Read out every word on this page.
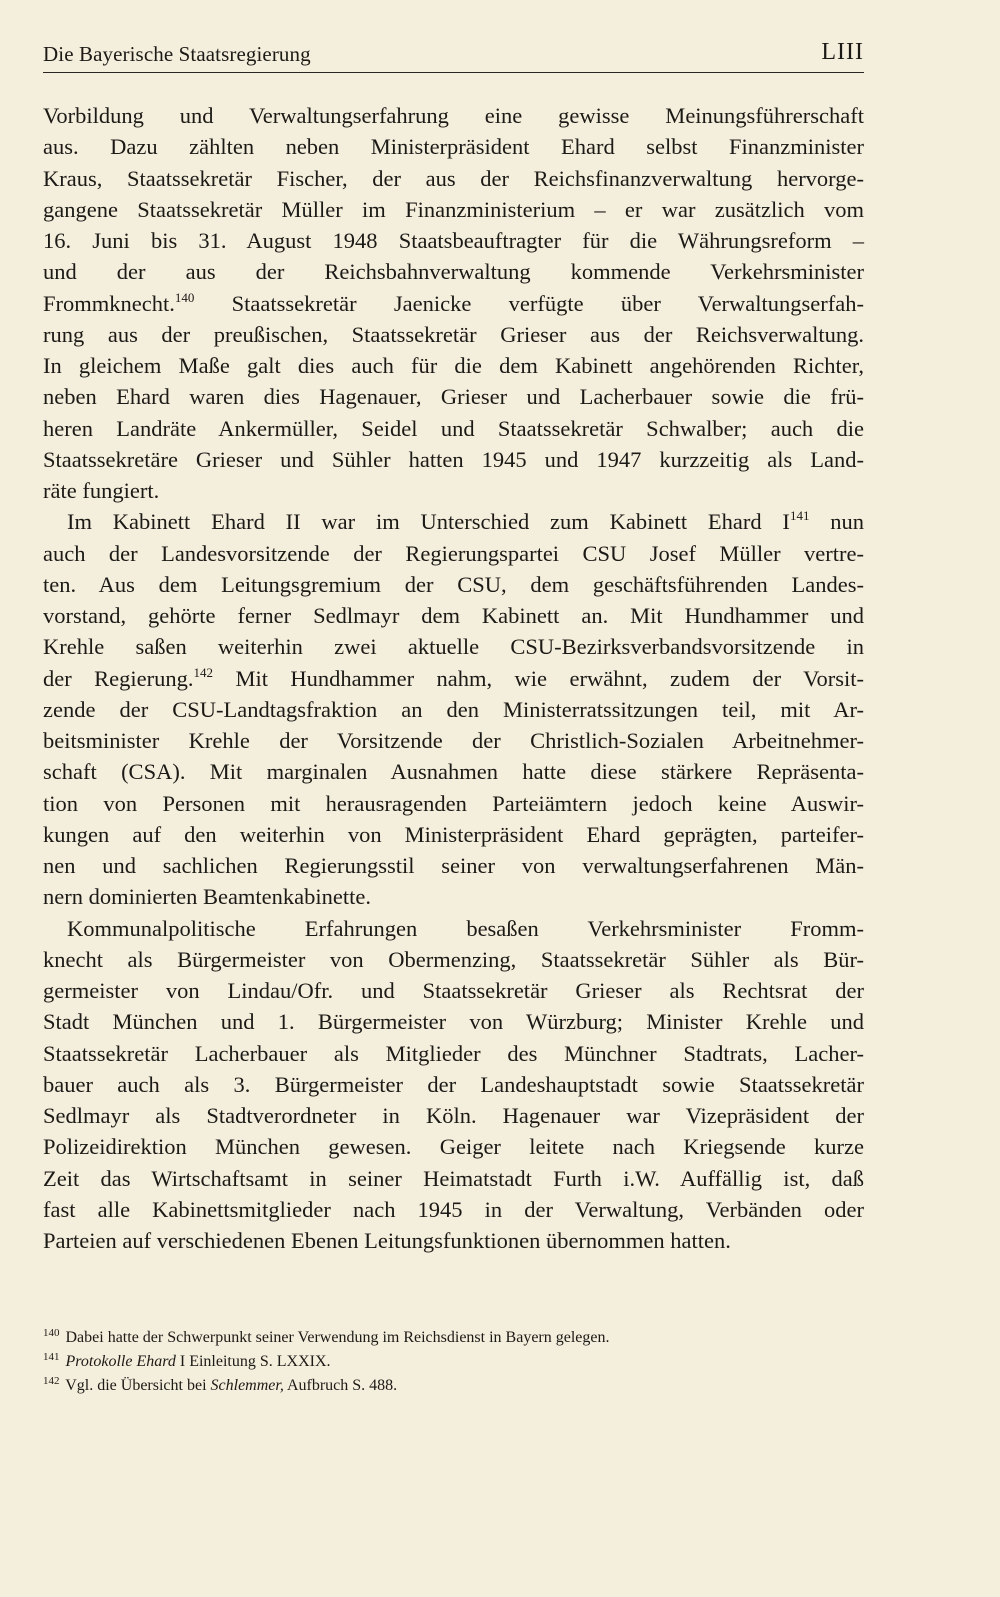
Die Bayerische Staatsregierung	LIII
Vorbildung und Verwaltungserfahrung eine gewisse Meinungsführerschaft
aus. Dazu zählten neben Ministerpräsident Ehard selbst Finanzminister
Kraus, Staatssekretär Fischer, der aus der Reichsfinanzverwaltung hervorge-
gangene Staatssekretär Müller im Finanzministerium – er war zusätzlich vom
16. Juni bis 31. August 1948 Staatsbeauftragter für die Währungsreform –
und der aus der Reichsbahnverwaltung kommende Verkehrsminister
Frommknecht.$^{140}$ Staatssekretär Jaenicke verfügte über Verwaltungserfah-
rung aus der preußischen, Staatssekretär Grieser aus der Reichsverwaltung.
In gleichem Maße galt dies auch für die dem Kabinett angehörenden Richter,
neben Ehard waren dies Hagenauer, Grieser und Lacherbauer sowie die frü-
heren Landräte Ankermüller, Seidel und Staatssekretär Schwalber; auch die
Staatssekretäre Grieser und Sühler hatten 1945 und 1947 kurzzeitig als Land-
räte fungiert.
Im Kabinett Ehard II war im Unterschied zum Kabinett Ehard $I^{141}$ nun
auch der Landesvorsitzende der Regierungspartei CSU Josef Müller vertre-
ten. Aus dem Leitungsgremium der CSU, dem geschäftsführenden Landes-
vorstand, gehörte ferner Sedlmayr dem Kabinett an. Mit Hundhammer und
Krehle saßen weiterhin zwei aktuelle CSU-Bezirksverbandsvorsitzende in
der Regierung.$^{142}$ Mit Hundhammer nahm, wie erwähnt, zudem der Vorsit-
zende der CSU-Landtagsfraktion an den Ministerratssitzungen teil, mit Ar-
beitsminister Krehle der Vorsitzende der Christlich-Sozialen Arbeitnehmer-
schaft (CSA). Mit marginalen Ausnahmen hatte diese stärkere Repräsenta-
tion von Personen mit herausragenden Parteiämtern jedoch keine Auswir-
kungen auf den weiterhin von Ministerpräsident Ehard geprägten, parteifer-
nen und sachlichen Regierungsstil seiner von verwaltungserfahrenen Män-
nern dominierten Beamtenkabinette.
Kommunalpolitische Erfahrungen besaßen Verkehrsminister Fromm-
knecht als Bürgermeister von Obermenzing, Staatssekretär Sühler als Bür-
germeister von Lindau/Ofr. und Staatssekretär Grieser als Rechtsrat der
Stadt München und 1. Bürgermeister von Würzburg; Minister Krehle und
Staatssekretär Lacherbauer als Mitglieder des Münchner Stadtrats, Lacher-
bauer auch als 3. Bürgermeister der Landeshauptstadt sowie Staatssekretär
Sedlmayr als Stadtverordneter in Köln. Hagenauer war Vizepräsident der
Polizeidirektion München gewesen. Geiger leitete nach Kriegsende kurze
Zeit das Wirtschaftsamt in seiner Heimatstadt Furth i.W. Auffällig ist, daß
fast alle Kabinettsmitglieder nach 1945 in der Verwaltung, Verbänden oder
Parteien auf verschiedenen Ebenen Leitungsfunktionen übernommen hatten.
$^{140}$ Dabei hatte der Schwerpunkt seiner Verwendung im Reichsdienst in Bayern gelegen.
$^{141}$ Protokolle Ehard I Einleitung S. LXXIX.
$^{142}$ Vgl. die Übersicht bei Schlemmer, Aufbruch S. 488.
